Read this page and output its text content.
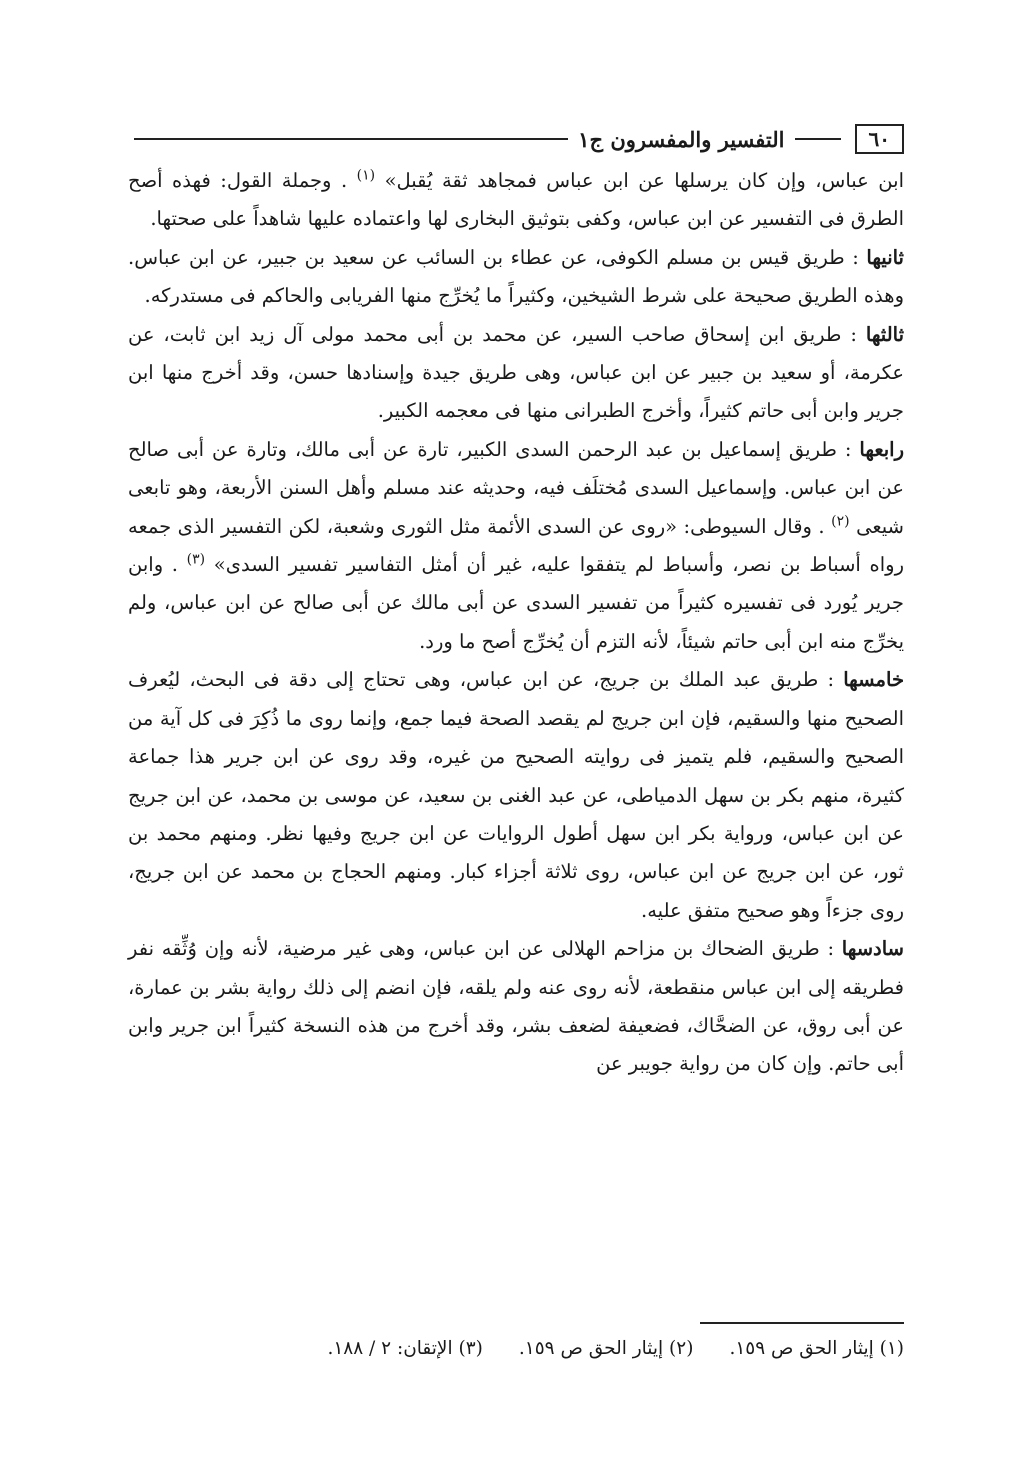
٦٠
التفسير والمفسرون ج١

ابن عباس، وإن كان يرسلها عن ابن عباس فمجاهد ثقة يُقبل» $^{(١)}$ . وجملة القول: فهذه أصح الطرق فى التفسير عن ابن عباس، وكفى بتوثيق البخارى لها واعتماده عليها شاهداً على صحتها.

ثانيها : طريق قيس بن مسلم الكوفى، عن عطاء بن السائب عن سعيد بن جبير، عن ابن عباس. وهذه الطريق صحيحة على شرط الشيخين، وكثيراً ما يُخرِّج منها الفريابى والحاكم فى مستدركه.

ثالثها : طريق ابن إسحاق صاحب السير، عن محمد بن أبى محمد مولى آل زيد ابن ثابت، عن عكرمة، أو سعيد بن جبير عن ابن عباس، وهى طريق جيدة وإسنادها حسن، وقد أخرج منها ابن جرير وابن أبى حاتم كثيراً، وأخرج الطبرانى منها فى معجمه الكبير.

رابعها : طريق إسماعيل بن عبد الرحمن السدى الكبير، تارة عن أبى مالك، وتارة عن أبى صالح عن ابن عباس. وإسماعيل السدى مُختلَف فيه، وحديثه عند مسلم وأهل السنن الأربعة، وهو تابعى شيعى $^{(٢)}$ . وقال السيوطى: «روى عن السدى الأئمة مثل الثورى وشعبة، لكن التفسير الذى جمعه رواه أسباط بن نصر، وأسباط لم يتفقوا عليه، غير أن أمثل التفاسير تفسير السدى» $^{(٣)}$ . وابن جرير يُورد فى تفسيره كثيراً من تفسير السدى عن أبى مالك عن أبى صالح عن ابن عباس، ولم يخرِّج منه ابن أبى حاتم شيئاً، لأنه التزم أن يُخرِّج أصح ما ورد.

خامسها : طريق عبد الملك بن جريج، عن ابن عباس، وهى تحتاج إلى دقة فى البحث، ليُعرف الصحيح منها والسقيم، فإن ابن جريج لم يقصد الصحة فيما جمع، وإنما روى ما ذُكِرَ فى كل آية من الصحيح والسقيم، فلم يتميز فى روايته الصحيح من غيره، وقد روى عن ابن جرير هذا جماعة كثيرة، منهم بكر بن سهل الدمياطى، عن عبد الغنى بن سعيد، عن موسى بن محمد، عن ابن جريج عن ابن عباس، ورواية بكر ابن سهل أطول الروايات عن ابن جريج وفيها نظر. ومنهم محمد بن ثور، عن ابن جريج عن ابن عباس، روى ثلاثة أجزاء كبار. ومنهم الحجاج بن محمد عن ابن جريج، روى جزءاً وهو صحيح متفق عليه.

سادسها : طريق الضحاك بن مزاحم الهلالى عن ابن عباس، وهى غير مرضية، لأنه وإن وُثِّقه نفر فطريقه إلى ابن عباس منقطعة، لأنه روى عنه ولم يلقه، فإن انضم إلى ذلك رواية بشر بن عمارة، عن أبى روق، عن الضحَّاك، فضعيفة لضعف بشر، وقد أخرج من هذه النسخة كثيراً ابن جرير وابن أبى حاتم. وإن كان من رواية جويبر عن

(١) إيثار الحق ص ١٥٩.
(٢) إيثار الحق ص ١٥٩.
(٣) الإتقان: ٢ / ١٨٨.
